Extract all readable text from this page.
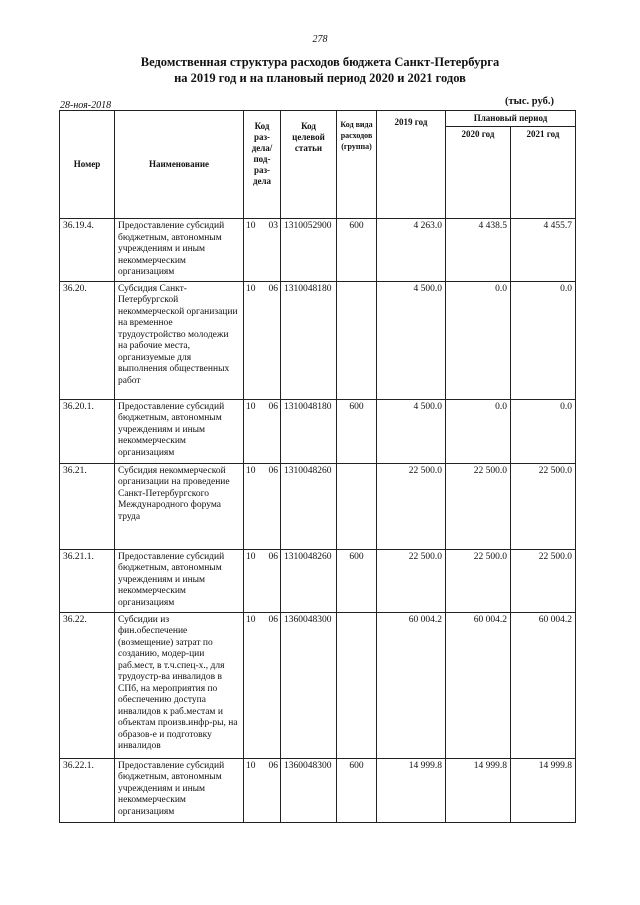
278
Ведомственная структура расходов бюджета Санкт-Петербурга
на 2019 год и на плановый период 2020 и 2021 годов
28-ноя-2018	(тыс. руб.)
Номер	Наименование	Код раз-дела/ под-раз-дела		Код целевой статьи	Код вида расходов (группа)	2019 год	Плановый период	
							2020 год	2021 год
36.19.4.	Предоставление субсидий бюджетным, автономным учреждениям и иным некоммерческим организациям	10	03	1310052900	600	4 263.0	4 438.5	4 455.7
36.20.	Субсидия Санкт-Петербургской некоммерческой организации на временное трудоустройство молодежи на рабочие места, организуемые для выполнения общественных работ	10	06	1310048180		4 500.0	0.0	0.0
36.20.1.	Предоставление субсидий бюджетным, автономным учреждениям и иным некоммерческим организациям	10	06	1310048180	600	4 500.0	0.0	0.0
36.21.	Субсидия некоммерческой организации на проведение Санкт-Петербургского Международного форума труда	10	06	1310048260		22 500.0	22 500.0	22 500.0
36.21.1.	Предоставление субсидий бюджетным, автономным учреждениям и иным некоммерческим организациям	10	06	1310048260	600	22 500.0	22 500.0	22 500.0
36.22.	Субсидии из фин.обеспечение (возмещение) затрат по созданию, модер-ции раб.мест, в т.ч.спец-х., для трудоустр-ва инвалидов в СПб, на мероприятия по обеспечению доступа инвалидов к раб.местам и объектам произв.инфр-ры, на образов-е и подготовку инвалидов	10	06	1360048300		60 004.2	60 004.2	60 004.2
36.22.1.	Предоставление субсидий бюджетным, автономным учреждениям и иным некоммерческим организациям	10	06	1360048300	600	14 999.8	14 999.8	14 999.8
